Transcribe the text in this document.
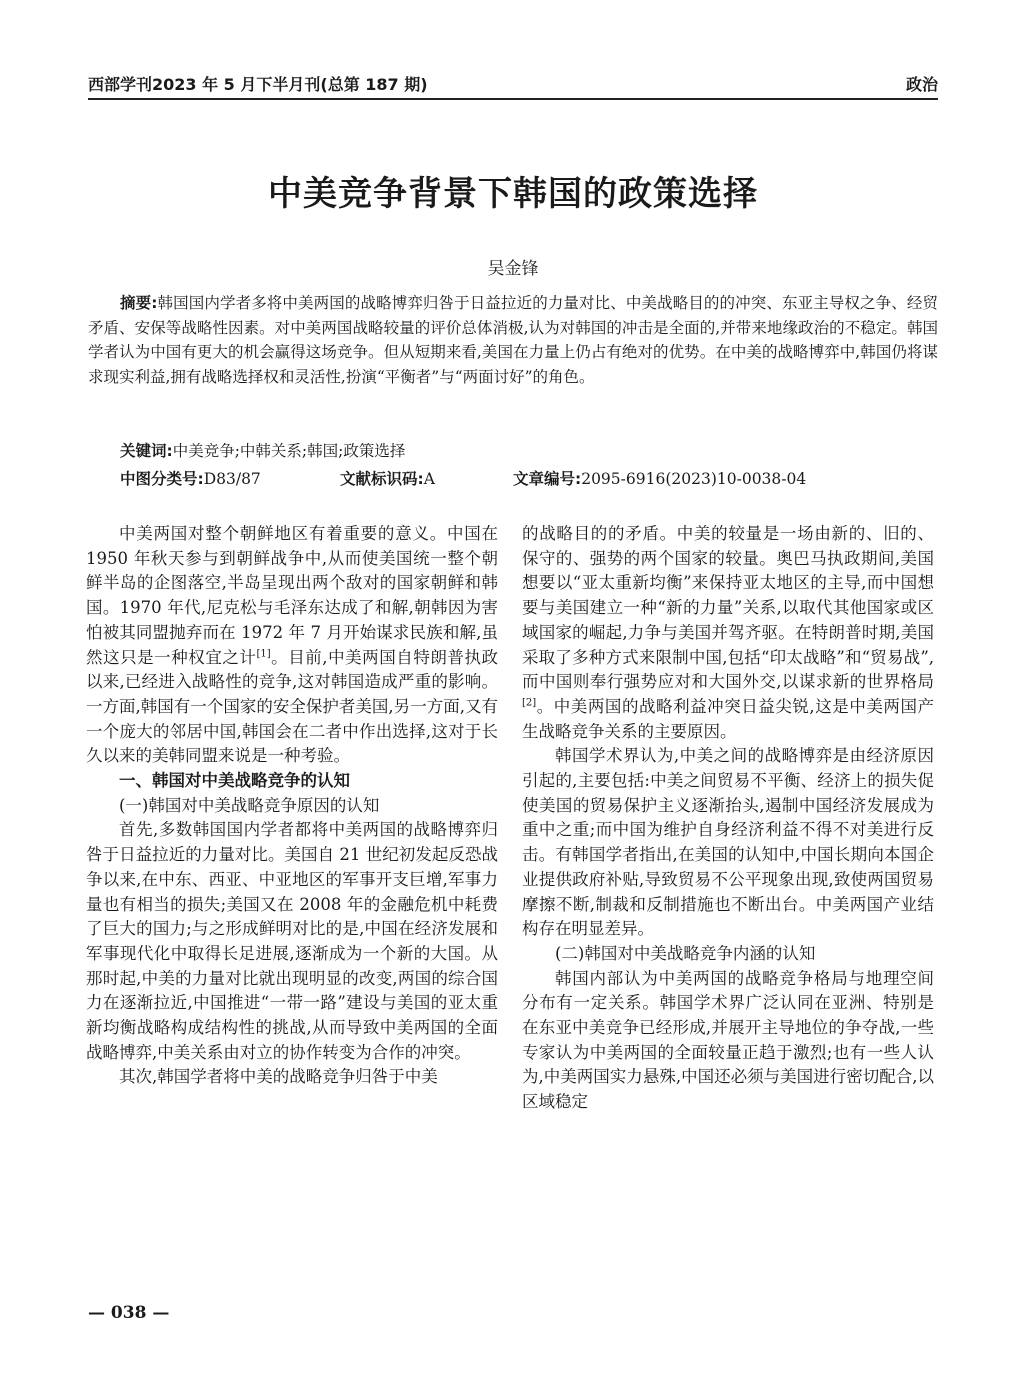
西部学刊2023 年 5 月下半月刊(总第 187 期)	政治
中美竞争背景下韩国的政策选择
吴金锋
摘要:韩国国内学者多将中美两国的战略博弈归咎于日益拉近的力量对比、中美战略目的的冲突、东亚主导权之争、经贸矛盾、安保等战略性因素。对中美两国战略较量的评价总体消极,认为对韩国的冲击是全面的,并带来地缘政治的不稳定。韩国学者认为中国有更大的机会赢得这场竞争。但从短期来看,美国在力量上仍占有绝对的优势。在中美的战略博弈中,韩国仍将谋求现实利益,拥有战略选择权和灵活性,扮演“平衡者”与“两面讨好”的角色。
关键词:中美竞争;中韩关系;韩国;政策选择
中图分类号:D83/87	文献标识码:A	文章编号:2095-6916(2023)10-0038-04

中美两国对整个朝鲜地区有着重要的意义。中国在 1950 年秋天参与到朝鲜战争中,从而使美国统一整个朝鲜半岛的企图落空,半岛呈现出两个敌对的国家朝鲜和韩国。1970 年代,尼克松与毛泽东达成了和解,朝韩因为害怕被其同盟抛弃而在 1972 年 7 月开始谋求民族和解,虽然这只是一种权宜之计[1]。目前,中美两国自特朗普执政以来,已经进入战略性的竞争,这对韩国造成严重的影响。一方面,韩国有一个国家的安全保护者美国,另一方面,又有一个庞大的邻居中国,韩国会在二者中作出选择,这对于长久以来的美韩同盟来说是一种考验。

一、韩国对中美战略竞争的认知
(一)韩国对中美战略竞争原因的认知

首先,多数韩国国内学者都将中美两国的战略博弈归咎于日益拉近的力量对比。美国自 21 世纪初发起反恐战争以来,在中东、西亚、中亚地区的军事开支巨增,军事力量也有相当的损失;美国又在 2008 年的金融危机中耗费了巨大的国力;与之形成鲜明对比的是,中国在经济发展和军事现代化中取得长足进展,逐渐成为一个新的大国。从那时起,中美的力量对比就出现明显的改变,两国的综合国力在逐渐拉近,中国推进“一带一路”建设与美国的亚太重新均衡战略构成结构性的挑战,从而导致中美两国的全面战略博弈,中美关系由对立的协作转变为合作的冲突。

其次,韩国学者将中美的战略竞争归咎于中美

的战略目的的矛盾。中美的较量是一场由新的、旧的、保守的、强势的两个国家的较量。奥巴马执政期间,美国想要以“亚太重新均衡”来保持亚太地区的主导,而中国想要与美国建立一种“新的力量”关系,以取代其他国家或区域国家的崛起,力争与美国并驾齐驱。在特朗普时期,美国采取了多种方式来限制中国,包括“印太战略”和“贸易战”,而中国则奉行强势应对和大国外交,以谋求新的世界格局[2]。中美两国的战略利益冲突日益尖锐,这是中美两国产生战略竞争关系的主要原因。

韩国学术界认为,中美之间的战略博弈是由经济原因引起的,主要包括:中美之间贸易不平衡、经济上的损失促使美国的贸易保护主义逐渐抬头,遏制中国经济发展成为重中之重;而中国为维护自身经济利益不得不对美进行反击。有韩国学者指出,在美国的认知中,中国长期向本国企业提供政府补贴,导致贸易不公平现象出现,致使两国贸易摩擦不断,制裁和反制措施也不断出台。中美两国产业结构存在明显差异。

(二)韩国对中美战略竞争内涵的认知

韩国内部认为中美两国的战略竞争格局与地理空间分布有一定关系。韩国学术界广泛认同在亚洲、特别是在东亚中美竞争已经形成,并展开主导地位的争夺战,一些专家认为中美两国的全面较量正趋于激烈;也有一些人认为,中美两国实力悬殊,中国还必须与美国进行密切配合,以区域稳定

— 038 —
